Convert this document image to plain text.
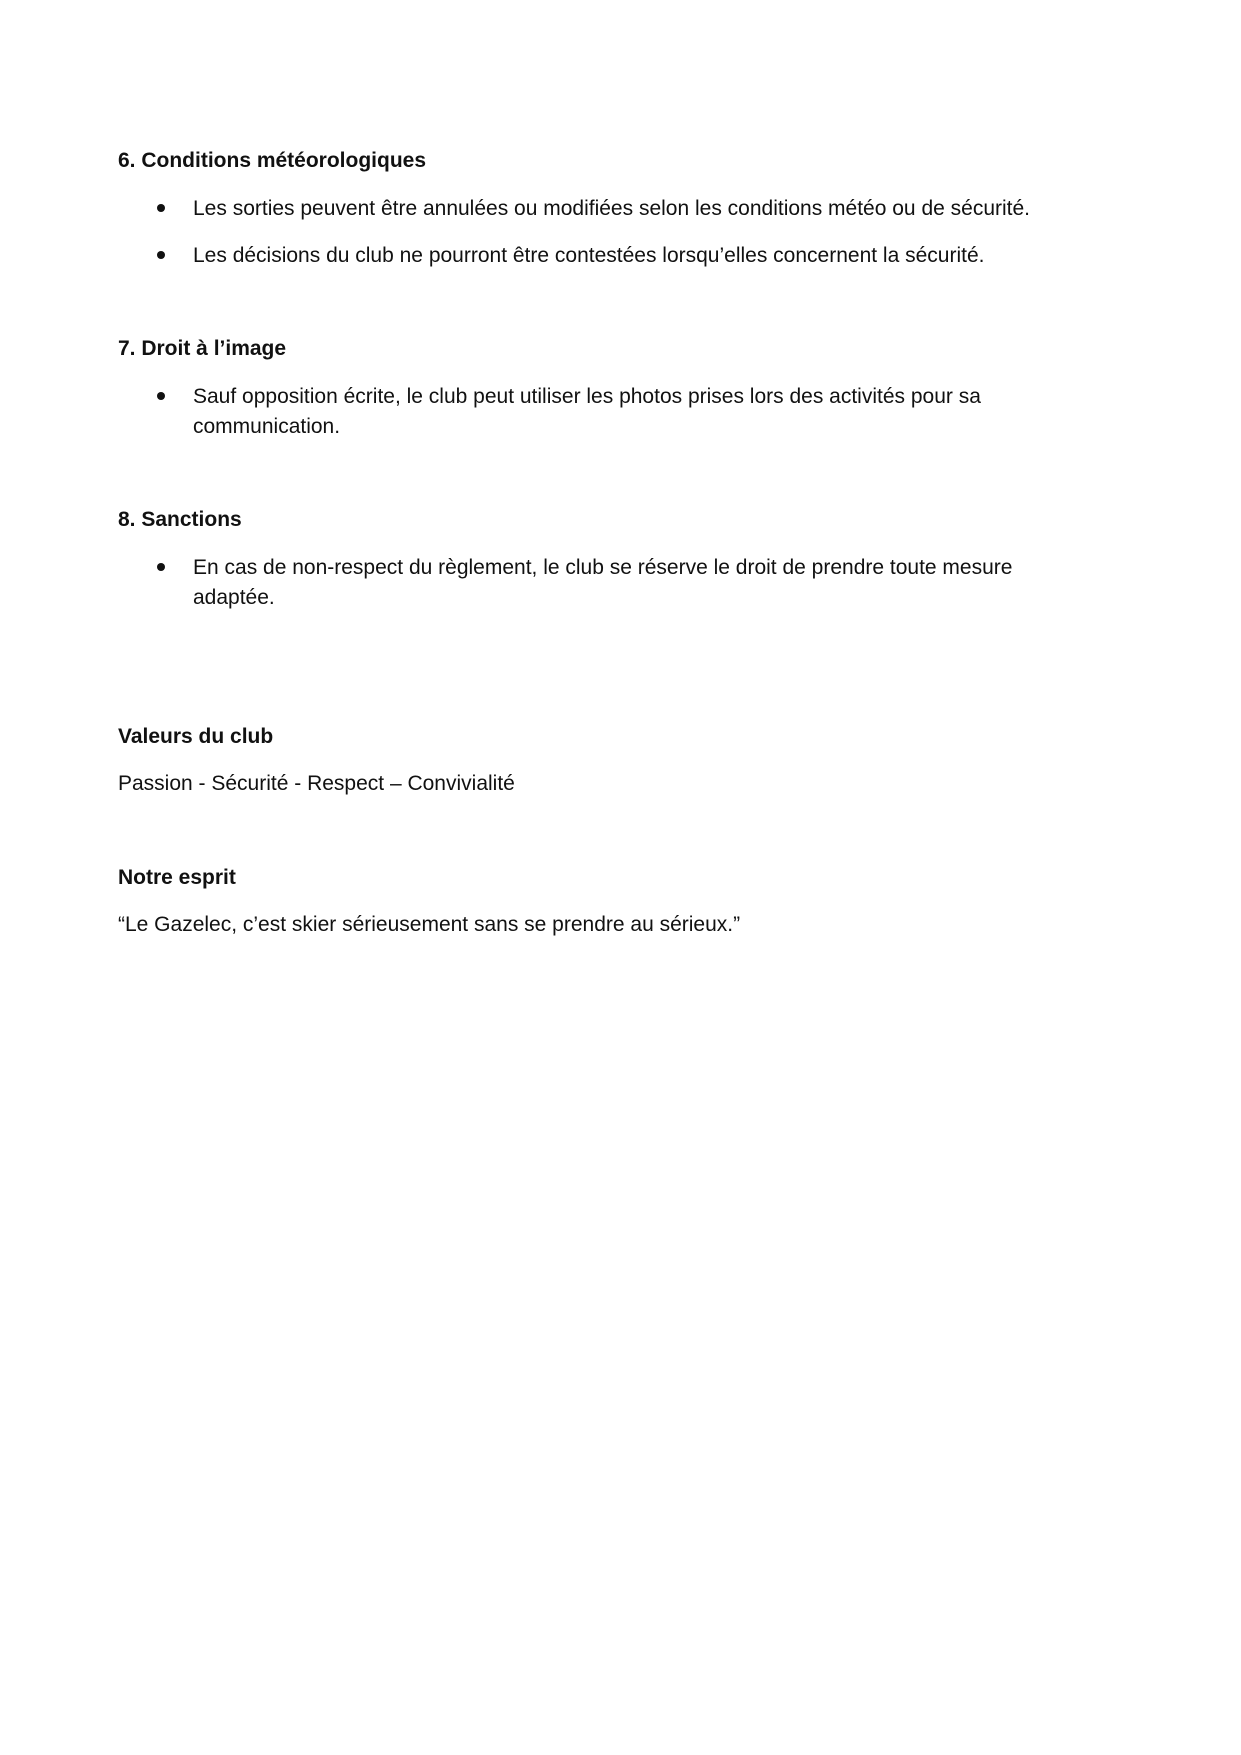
6. Conditions météorologiques
Les sorties peuvent être annulées ou modifiées selon les conditions météo ou de sécurité.
Les décisions du club ne pourront être contestées lorsqu’elles concernent la sécurité.
7. Droit à l’image
Sauf opposition écrite, le club peut utiliser les photos prises lors des activités pour sa communication.
8. Sanctions
En cas de non-respect du règlement, le club se réserve le droit de prendre toute mesure adaptée.
Valeurs du club
Passion - Sécurité - Respect – Convivialité
Notre esprit
“Le Gazelec, c’est skier sérieusement sans se prendre au sérieux.”
